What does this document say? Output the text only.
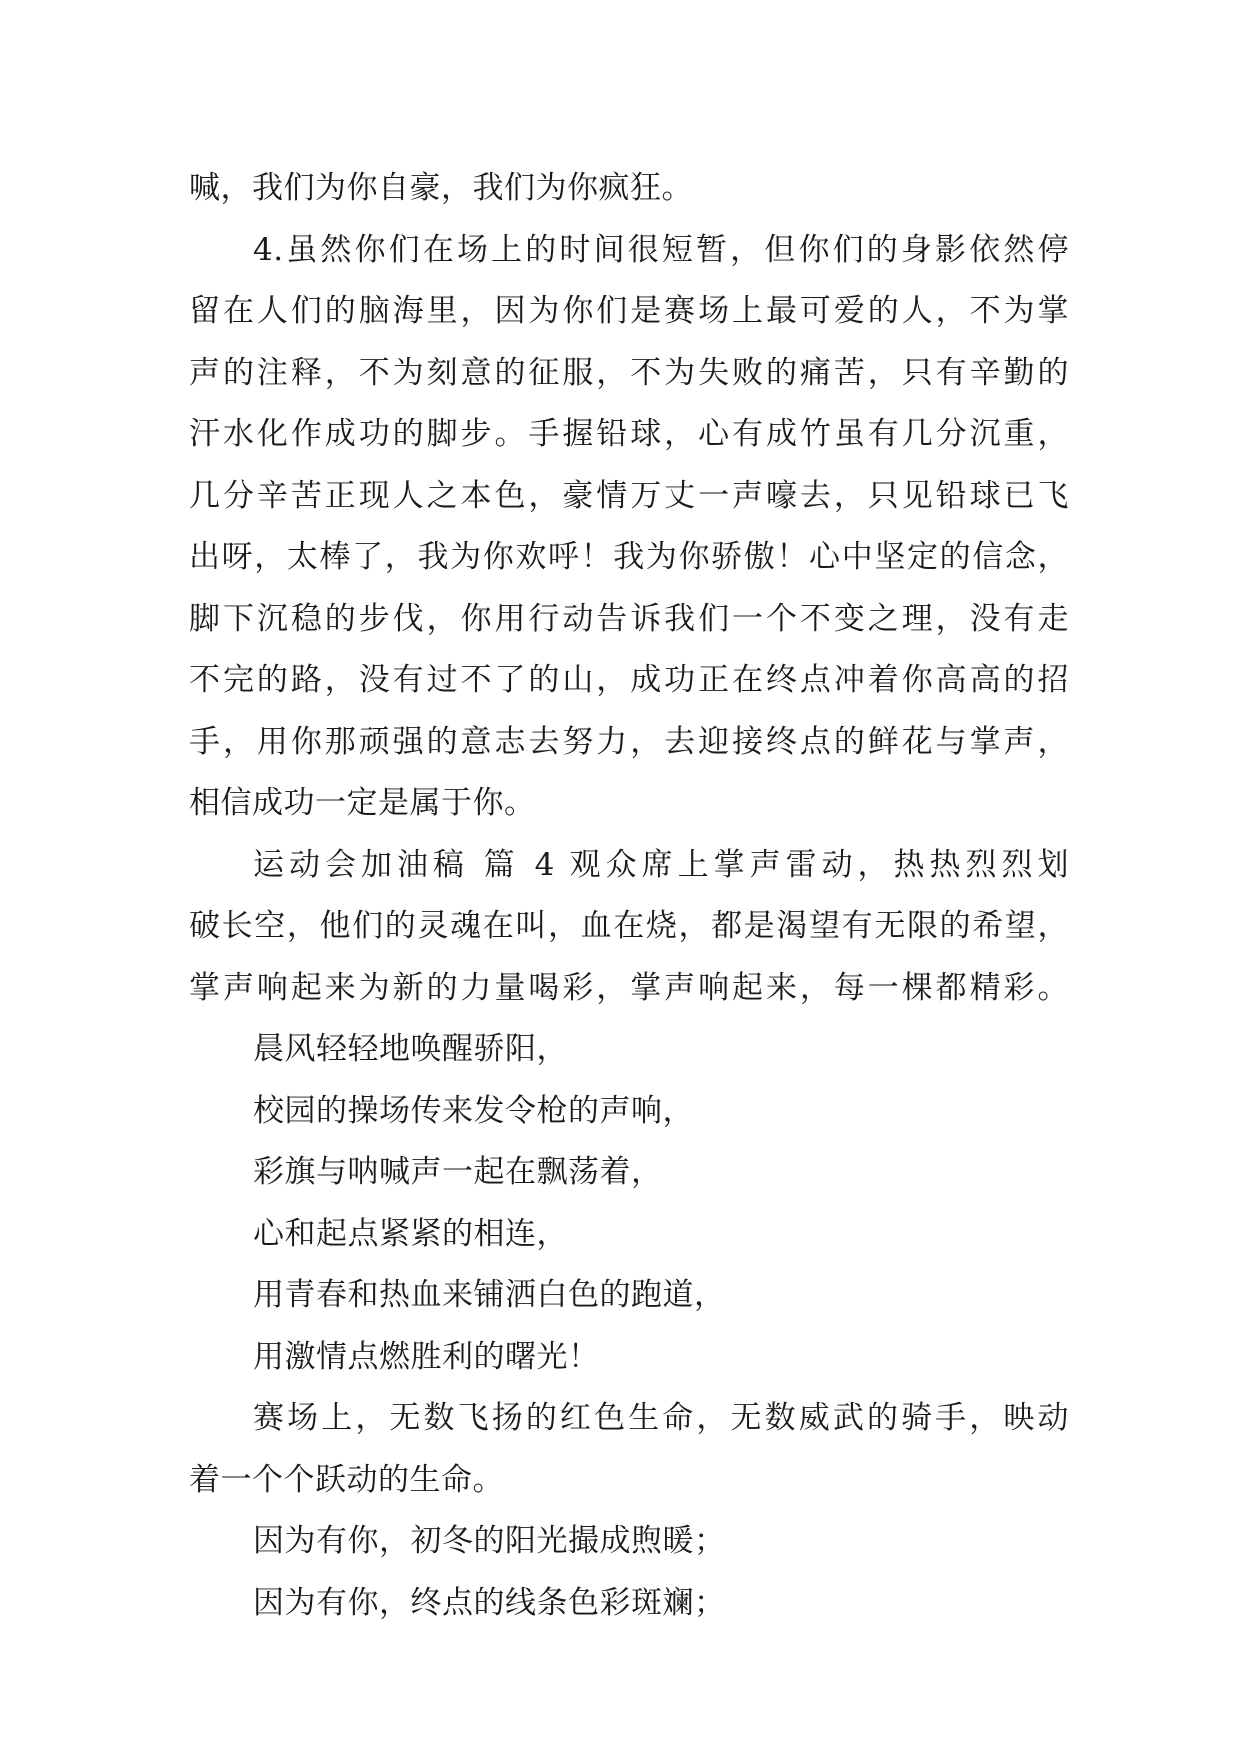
喊，我们为你自豪，我们为你疯狂。
4.虽然你们在场上的时间很短暂，但你们的身影依然停
留在人们的脑海里，因为你们是赛场上最可爱的人，不为掌
声的注释，不为刻意的征服，不为失败的痛苦，只有辛勤的
汗水化作成功的脚步。手握铅球，心有成竹虽有几分沉重，
几分辛苦正现人之本色，豪情万丈一声嚎去，只见铅球已飞
出呀，太棒了，我为你欢呼！我为你骄傲！心中坚定的信念，
脚下沉稳的步伐，你用行动告诉我们一个不变之理，没有走
不完的路，没有过不了的山，成功正在终点冲着你高高的招
手，用你那顽强的意志去努力，去迎接终点的鲜花与掌声，
相信成功一定是属于你。
运动会加油稿 篇 4 观众席上掌声雷动，热热烈烈划
破长空，他们的灵魂在叫，血在烧，都是渴望有无限的希望，
掌声响起来为新的力量喝彩，掌声响起来，每一棵都精彩。
晨风轻轻地唤醒骄阳，
校园的操场传来发令枪的声响，
彩旗与呐喊声一起在飘荡着，
心和起点紧紧的相连，
用青春和热血来铺洒白色的跑道，
用激情点燃胜利的曙光！
赛场上，无数飞扬的红色生命，无数威武的骑手，映动
着一个个跃动的生命。
因为有你，初冬的阳光撮成煦暖；
因为有你，终点的线条色彩斑斓；
